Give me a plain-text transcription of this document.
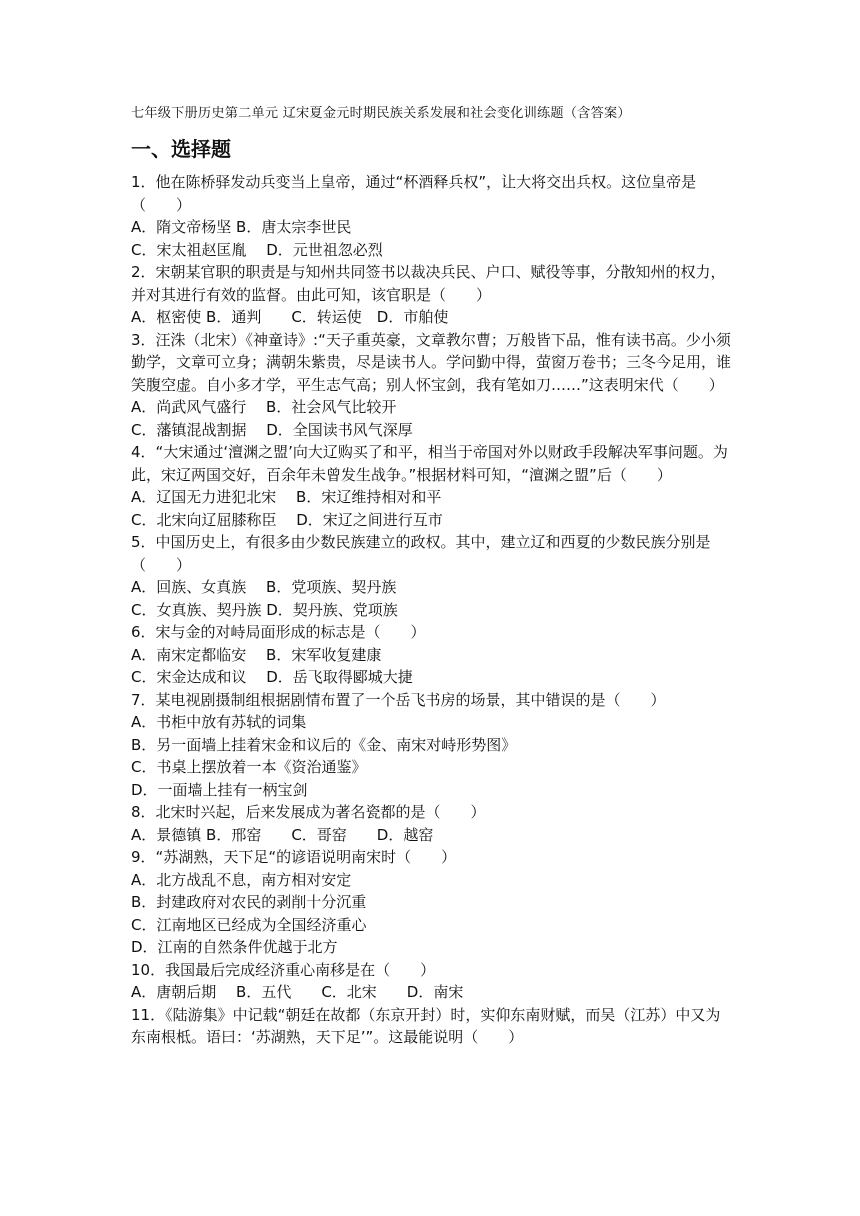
七年级下册历史第二单元 辽宋夏金元时期民族关系发展和社会变化训练题（含答案）
一、选择题

1．他在陈桥驿发动兵变当上皇帝，通过“杯酒释兵权”，让大将交出兵权。这位皇帝是（　　）

A．隋文帝杨坚 B．唐太宗李世民

C．宋太祖赵匡胤　 D．元世祖忽必烈

2．宋朝某官职的职责是与知州共同签书以裁决兵民、户口、赋役等事，分散知州的权力，并对其进行有效的监督。由此可知，该官职是（　　）

A．枢密使 B．通判　　C．转运使　D．市舶使

3．汪洙（北宋）《神童诗》:“天子重英豪，文章教尔曹；万般皆下品，惟有读书高。少小须勤学，文章可立身；满朝朱紫贵，尽是读书人。学问勤中得，萤窗万卷书；三冬今足用，谁笑腹空虚。自小多才学，平生志气高；别人怀宝剑，我有笔如刀……”这表明宋代（　　）

A．尚武风气盛行　 B．社会风气比较开

C．藩镇混战割据　 D．全国读书风气深厚

4．“大宋通过‘澶渊之盟’向大辽购买了和平，相当于帝国对外以财政手段解决军事问题。为此，宋辽两国交好，百余年未曾发生战争。”根据材料可知，“澶渊之盟”后（　　）

A．辽国无力进犯北宋　 B．宋辽维持相对和平

C．北宋向辽屈膝称臣　 D．宋辽之间进行互市

5．中国历史上，有很多由少数民族建立的政权。其中，建立辽和西夏的少数民族分别是（　　）

A．回族、女真族　 B．党项族、契丹族

C．女真族、契丹族 D．契丹族、党项族

6．宋与金的对峙局面形成的标志是（　　）

A．南宋定都临安　 B．宋军收复建康

C．宋金达成和议　 D．岳飞取得郾城大捷

7．某电视剧摄制组根据剧情布置了一个岳飞书房的场景，其中错误的是（　　）

A．书柜中放有苏轼的词集

B．另一面墙上挂着宋金和议后的《金、南宋对峙形势图》

C．书桌上摆放着一本《资治通鉴》

D．一面墙上挂有一柄宝剑

8．北宋时兴起，后来发展成为著名瓷都的是（　　）

A．景德镇 B．邢窑　　C．哥窑　　D．越窑

9．“苏湖熟，天下足“的谚语说明南宋时（　　）

A．北方战乱不息，南方相对安定

B．封建政府对农民的剥削十分沉重

C．江南地区已经成为全国经济重心

D．江南的自然条件优越于北方

10．我国最后完成经济重心南移是在（　　）

A．唐朝后期　 B．五代　　C．北宋　　D．南宋

11．《陆游集》中记载“朝廷在故都（东京开封）时，实仰东南财赋，而吴（江苏）中又为东南根柢。语曰：‘苏湖熟，天下足’”。这最能说明（　　）
